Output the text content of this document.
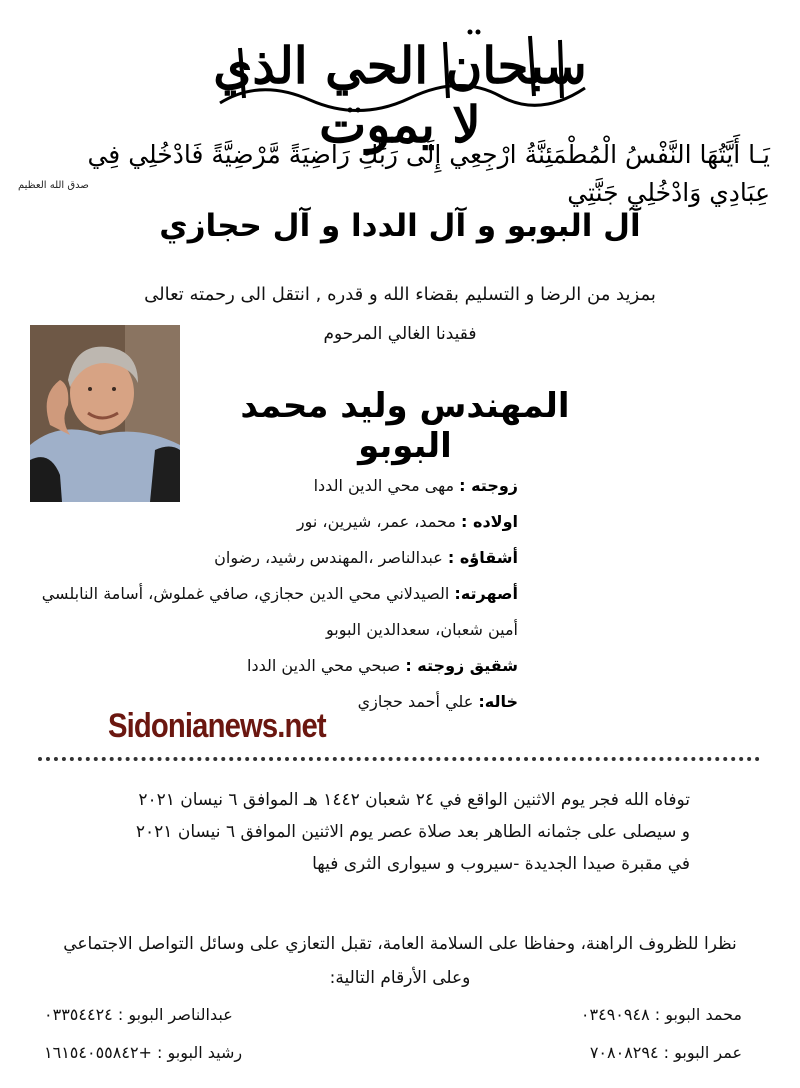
سبحان الحي الذي لا يموت
يَـا أَيَّتُهَا النَّفْسُ الْمُطْمَئِنَّةُ ارْجِعِي إِلَى رَبِّكِ رَاضِيَةً مَّرْضِيَّةً فَادْخُلِي فِي عِبَادِي وَادْخُلِي جَنَّتِي
صدق الله العظيم
آل البوبو و آل الددا و آل حجازي
بمزيد من الرضا و التسليم بقضاء الله و قدره , انتقل الى رحمته تعالى
فقيدنا الغالي المرحوم
المهندس وليد محمد البوبو
زوجته : مهى محي الدين الددا
اولاده : محمد، عمر، شيرين، نور
أشقاؤه : عبدالناصر ،المهندس رشيد، رضوان
أصهرته: الصيدلاني محي الدين حجازي، صافي غملوش، أسامة النابلسي
أمين شعبان، سعدالدين البوبو
شقيق زوجته : صبحي محي الدين الددا
خاله: علي أحمد حجازي
Sidonianews.net
توفاه الله فجر يوم الاثنين الواقع في ٢٤ شعبان ١٤٤٢ هـ الموافق ٦ نيسان ٢٠٢١
و سيصلى على جثمانه الطاهر بعد صلاة عصر يوم الاثنين الموافق ٦ نيسان ٢٠٢١
في مقبرة صيدا الجديدة -سيروب و سيوارى الثرى فيها
نظرا للظروف الراهنة، وحفاظا على السلامة العامة، تقبل التعازي على وسائل التواصل الاجتماعي
وعلى الأرقام التالية:
محمد البوبو : ٠٣٤٩٠٩٤٨
عمر البوبو : ٧٠٨٠٨٢٩٤
عبدالناصر البوبو : ٠٣٣٥٤٤٢٤
رشيد البوبو : +١٦١٥٤٠٥٥٨٤٢
